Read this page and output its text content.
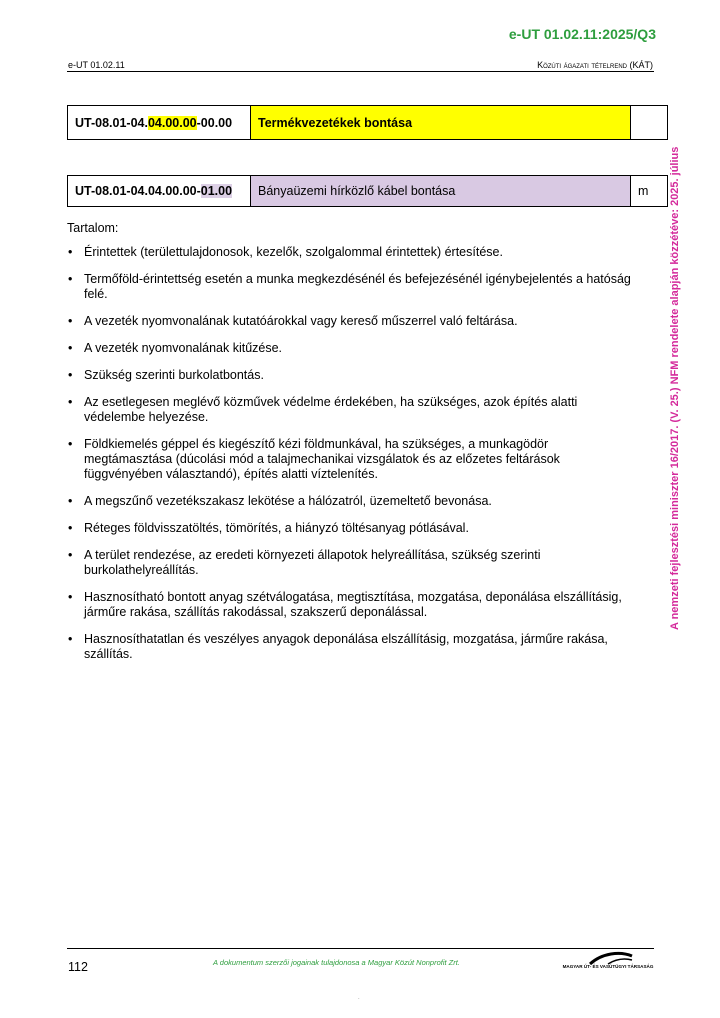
e-UT 01.02.11:2025/Q3
e-UT 01.02.11	Közúti ágazati tételrend (KÁT)
UT-08.01-04.04.00.00-00.00	Termékvezetékek bontása	
UT-08.01-04.04.00.00-01.00	Bányaüzemi hírközlő kábel bontása	m
Tartalom:
• Érintettek (területtulajdonosok, kezelők, szolgalommal érintettek) értesítése.
• Termőföld-érintettség esetén a munka megkezdésénél és befejezésénél igénybejelentés a hatóság felé.
• A vezeték nyomvonalának kutatóárokkal vagy kereső műszerrel való feltárása.
• A vezeték nyomvonalának kitűzése.
• Szükség szerinti burkolatbontás.
• Az esetlegesen meglévő közművek védelme érdekében, ha szükséges, azok építés alatti védelembe helyezése.
• Földkiemelés géppel és kiegészítő kézi földmunkával, ha szükséges, a munkagödör megtámasztása (dúcolási mód a talajmechanikai vizsgálatok és az előzetes feltárások függvényében választandó), építés alatti víztelenítés.
• A megszűnő vezetékszakasz lekötése a hálózatról, üzemeltető bevonása.
• Réteges földvisszatöltés, tömörítés, a hiányzó töltésanyag pótlásával.
• A terület rendezése, az eredeti környezeti állapotok helyreállítása, szükség szerinti burkolathelyreállítás.
• Hasznosítható bontott anyag szétválogatása, megtisztítása, mozgatása, deponálása elszállításig, járműre rakása, szállítás rakodással, szakszerű deponálással.
• Hasznosíthatatlan és veszélyes anyagok deponálása elszállításig, mozgatása, járműre rakása, szállítás.
A nemzeti fejlesztési miniszter 16/2017. (V. 25.) NFM rendelete alapján közzétéve: 2025. július
112	A dokumentum szerzői jogainak tulajdonosa a Magyar Közút Nonprofit Zrt.	MAGYAR ÚT- ÉS VASÚTÜGYI TÁRSASÁG
.
